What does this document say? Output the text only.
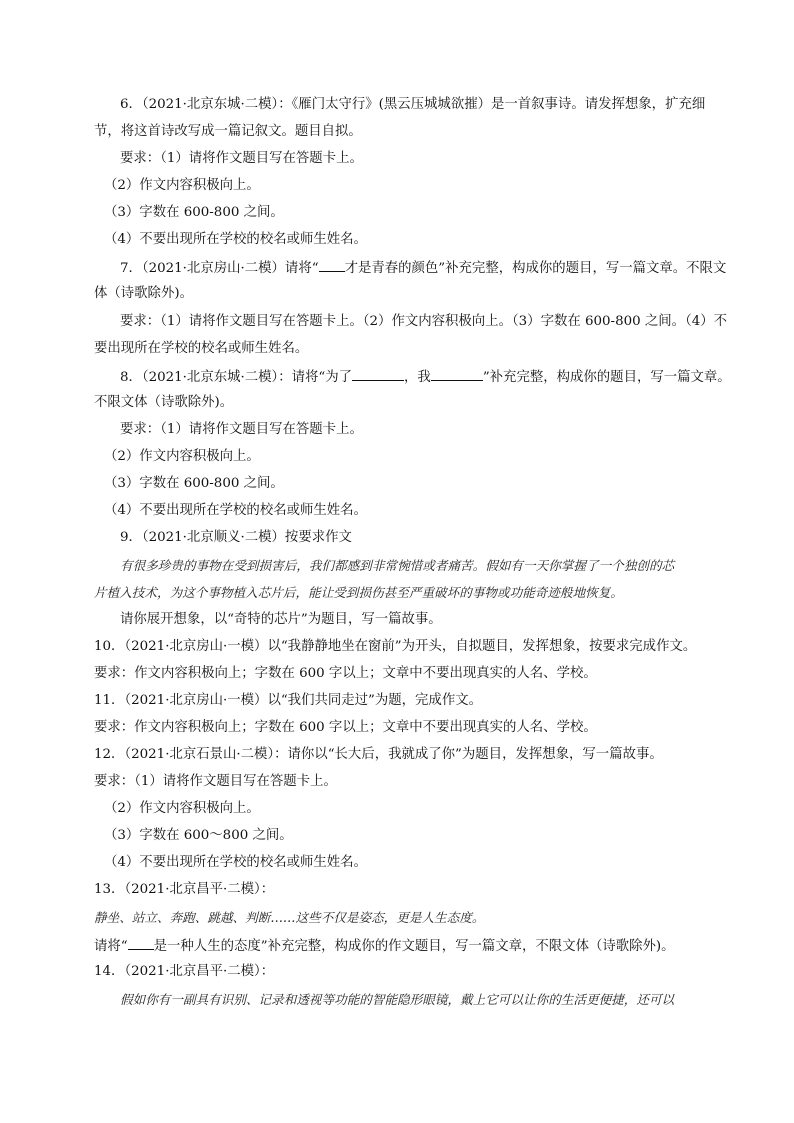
6．（2021·北京东城·二模）：《雁门太守行》(黑云压城城欲摧）是一首叙事诗。请发挥想象，扩充细
节，将这首诗改写成一篇记叙文。题目自拟。
要求：（1）请将作文题目写在答题卡上。
（2）作文内容积极向上。
（3）字数在 600-800 之间。
（4）不要出现所在学校的校名或师生姓名。
7．（2021·北京房山·二模）请将“ 才是青春的颜色”补充完整，构成你的题目，写一篇文章。不限文
体（诗歌除外)。
要求：（1）请将作文题目写在答题卡上。（2）作文内容积极向上。（3）字数在 600-800 之间。（4）不
要出现所在学校的校名或师生姓名。
8．（2021·北京东城·二模）：请将“为了	，我	”补充完整，构成你的题目，写一篇文章。
不限文体（诗歌除外)。
要求：（1）请将作文题目写在答题卡上。
（2）作文内容积极向上。
（3）字数在 600-800 之间。
（4）不要出现所在学校的校名或师生姓名。
9．（2021·北京顺义·二模）按要求作文
有很多珍贵的事物在受到损害后，我们都感到非常惋惜或者痛苦。假如有一天你掌握了一个独创的芯
片植入技术，为这个事物植入芯片后，能让受到损伤甚至严重破坏的事物或功能奇迹般地恢复。
请你展开想象，以“奇特的芯片”为题目，写一篇故事。
10．（2021·北京房山·一模）以“我静静地坐在窗前”为开头，自拟题目，发挥想象，按要求完成作文。
要求：作文内容积极向上；字数在 600 字以上；文章中不要出现真实的人名、学校。
11．（2021·北京房山·一模）以“我们共同走过”为题，完成作文。
要求：作文内容积极向上；字数在 600 字以上；文章中不要出现真实的人名、学校。
12．（2021·北京石景山·二模）：请你以“长大后，我就成了你”为题目，发挥想象，写一篇故事。
要求：（1）请将作文题目写在答题卡上。
（2）作文内容积极向上。
（3）字数在 600～800 之间。
（4）不要出现所在学校的校名或师生姓名。
13．（2021·北京昌平·二模）：
静坐、站立、奔跑、跳越、判断……这些不仅是姿态，更是人生态度。
请将“ 是一种人生的态度”补充完整，构成你的作文题目，写一篇文章，不限文体（诗歌除外)。
14．（2021·北京昌平·二模）：
假如你有一副具有识别、记录和透视等功能的智能隐形眼镜，戴上它可以让你的生活更便捷，还可以
